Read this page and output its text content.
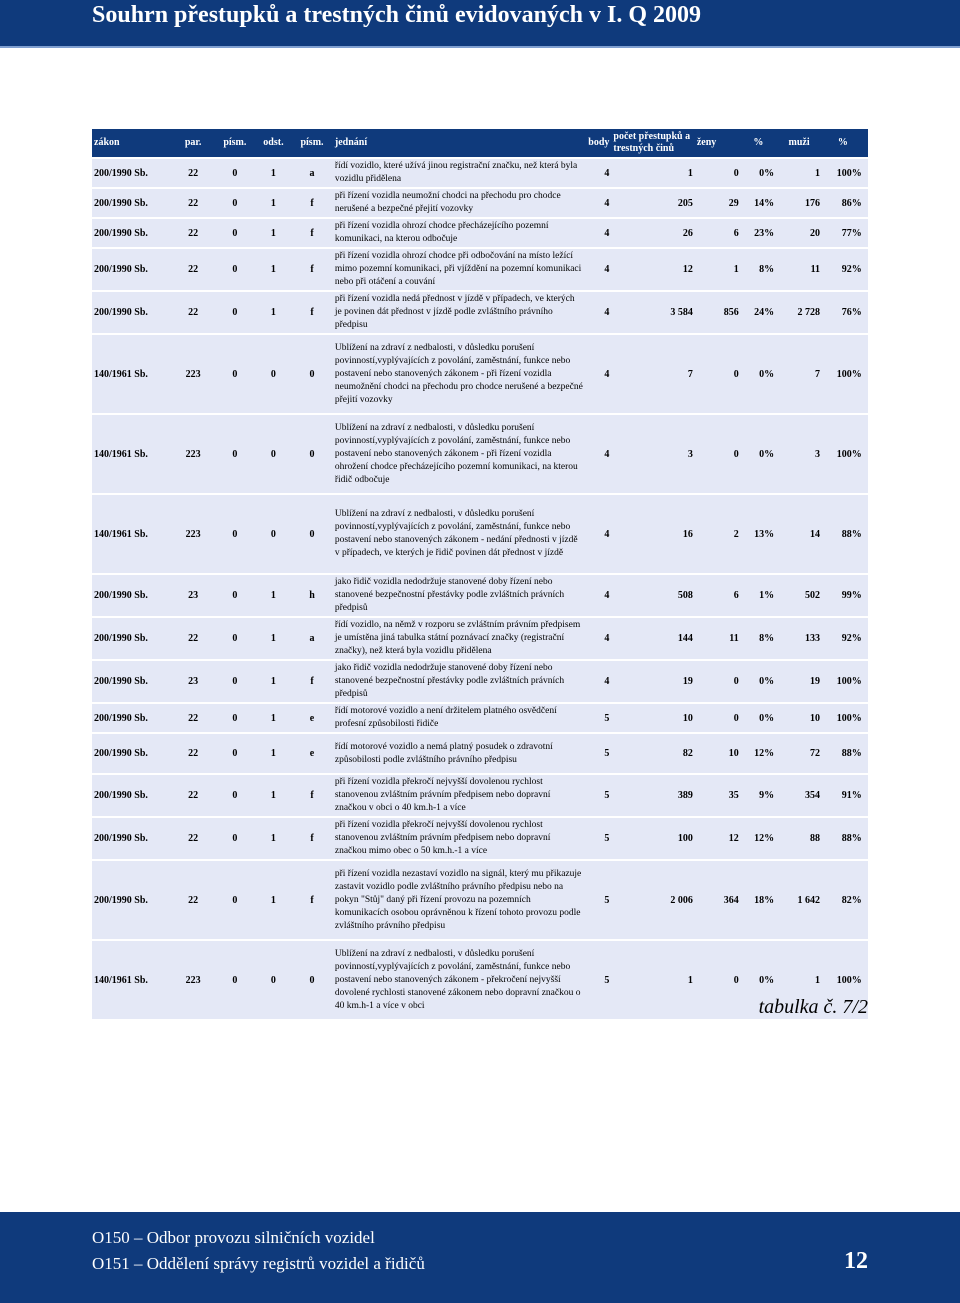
Souhrn přestupků a trestných činů evidovaných v I. Q 2009
zákon	par.	písm.	odst.	písm.	jednání	body	počet přestupků a trestných činů	ženy	%	muži	%	
200/1990 Sb.	22	0	1	a	řídí vozidlo, které užívá jinou registrační značku, než která byla vozidlu přidělena	4	1	0	0%	1	100%	
200/1990 Sb.	22	0	1	f	při řízení vozidla neumožní chodci na přechodu pro chodce nerušené a bezpečné přejití vozovky	4	205	29	14%	176	86%	
200/1990 Sb.	22	0	1	f	při řízení vozidla ohrozí chodce přecházejícího pozemní komunikaci, na kterou odbočuje	4	26	6	23%	20	77%	
200/1990 Sb.	22	0	1	f	při řízení vozidla ohrozí chodce při odbočování na místo ležící mimo pozemní komunikaci, při vjíždění na pozemní komunikaci nebo při otáčení a couvání	4	12	1	8%	11	92%	
200/1990 Sb.	22	0	1	f	při řízení vozidla nedá přednost v jízdě v případech, ve kterých je povinen dát přednost v jízdě podle zvláštního právního předpisu	4	3 584	856	24%	2 728	76%	
140/1961 Sb.	223	0	0	0	Ublížení na zdraví z nedbalosti, v důsledku porušení povinností,vyplývajících z povolání, zaměstnání, funkce nebo postavení nebo stanovených zákonem - při řízení vozidla neumožnění chodci na přechodu pro chodce nerušené a bezpečné přejití vozovky	4	7	0	0%	7	100%	
140/1961 Sb.	223	0	0	0	Ublížení na zdraví z nedbalosti, v důsledku porušení povinností,vyplývajících z povolání, zaměstnání, funkce nebo postavení nebo stanovených zákonem - při řízení vozidla ohrožení chodce přecházejícího pozemní komunikaci, na kterou řidič odbočuje	4	3	0	0%	3	100%	
140/1961 Sb.	223	0	0	0	Ublížení na zdraví z nedbalosti, v důsledku porušení povinností,vyplývajících z povolání, zaměstnání, funkce nebo postavení nebo stanovených zákonem - nedání přednosti v jízdě v případech, ve kterých je řidič povinen dát přednost v jízdě	4	16	2	13%	14	88%	
200/1990 Sb.	23	0	1	h	jako řidič vozidla nedodržuje stanovené doby řízení nebo stanovené bezpečnostní přestávky podle zvláštních právních předpisů	4	508	6	1%	502	99%	
200/1990 Sb.	22	0	1	a	řídí vozidlo, na němž v rozporu se zvláštním právním předpisem je umístěna jiná tabulka státní poznávací značky (registrační značky), než která byla vozidlu přidělena	4	144	11	8%	133	92%	
200/1990 Sb.	23	0	1	f	jako řidič vozidla nedodržuje stanovené doby řízení nebo stanovené bezpečnostní přestávky podle zvláštních právních předpisů	4	19	0	0%	19	100%	
200/1990 Sb.	22	0	1	e	řídí motorové vozidlo a není držitelem platného osvědčení profesní způsobilosti řidiče	5	10	0	0%	10	100%	
200/1990 Sb.	22	0	1	e	řídí motorové vozidlo a nemá platný posudek o zdravotní způsobilosti podle zvláštního právního předpisu	5	82	10	12%	72	88%	
200/1990 Sb.	22	0	1	f	při řízení vozidla překročí nejvyšší dovolenou rychlost stanovenou zvláštním právním předpisem nebo dopravní značkou v obci o 40 km.h-1 a více	5	389	35	9%	354	91%	
200/1990 Sb.	22	0	1	f	při řízení vozidla překročí nejvyšší dovolenou rychlost stanovenou zvláštním právním předpisem nebo dopravní značkou mimo obec o 50 km.h.-1 a více	5	100	12	12%	88	88%	
200/1990 Sb.	22	0	1	f	při řízení vozidla nezastaví vozidlo na signál, který mu přikazuje zastavit vozidlo podle zvláštního právního předpisu nebo na pokyn "Stůj" daný při řízení provozu na pozemních komunikacích osobou oprávněnou k řízení tohoto provozu podle zvláštního právního předpisu	5	2 006	364	18%	1 642	82%	
140/1961 Sb.	223	0	0	0	Ublížení na zdraví z nedbalosti, v důsledku porušení povinností,vyplývajících z povolání, zaměstnání, funkce nebo postavení nebo stanovených zákonem - překročení nejvyšší dovolené rychlosti stanovené zákonem nebo dopravní značkou o 40 km.h-1 a více v obci	5	1	0	0%	1	100%	
tabulka č. 7/2
O150 – Odbor provozu silničních vozidel
O151 – Oddělení správy registrů vozidel a řidičů	12
